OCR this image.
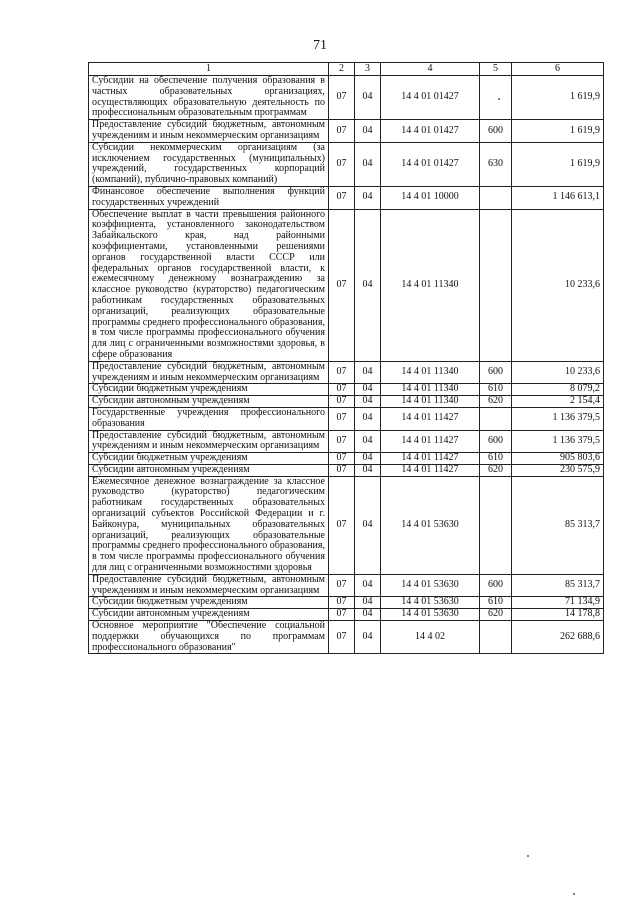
71
1	2	3	4	5	6
Субсидии на обеспечение получения образования в частных образовательных организациях, осуществляющих образовательную деятельность по профессиональным образовательным программам	07	04	14 4 01 01427		1 619,9
Предоставление субсидий бюджетным, автономным учреждениям и иным некоммерческим организациям	07	04	14 4 01 01427	600	1 619,9
Субсидии некоммерческим организациям (за исключением государственных (муниципальных) учреждений, государственных корпораций (компаний), публично-правовых компаний)	07	04	14 4 01 01427	630	1 619,9
Финансовое обеспечение выполнения функций государственных учреждений	07	04	14 4 01 10000		1 146 613,1
Обеспечение выплат в части превышения районного коэффициента, установленного законодательством Забайкальского края, над районными коэффициентами, установленными решениями органов государственной власти СССР или федеральных органов государственной власти, к ежемесячному денежному вознаграждению за классное руководство (кураторство) педагогическим работникам государственных образовательных организаций, реализующих образовательные программы среднего профессионального образования, в том числе программы профессионального обучения для лиц с ограниченными возможностями здоровья, в сфере образования	07	04	14 4 01 11340		10 233,6
Предоставление субсидий бюджетным, автономным учреждениям и иным некоммерческим организациям	07	04	14 4 01 11340	600	10 233,6
Субсидии бюджетным учреждениям	07	04	14 4 01 11340	610	8 079,2
Субсидии автономным учреждениям	07	04	14 4 01 11340	620	2 154,4
Государственные учреждения профессионального образования	07	04	14 4 01 11427		1 136 379,5
Предоставление субсидий бюджетным, автономным учреждениям и иным некоммерческим организациям	07	04	14 4 01 11427	600	1 136 379,5
Субсидии бюджетным учреждениям	07	04	14 4 01 11427	610	905 803,6
Субсидии автономным учреждениям	07	04	14 4 01 11427	620	230 575,9
Ежемесячное денежное вознаграждение за классное руководство (кураторство) педагогическим работникам государственных образовательных организаций субъектов Российской Федерации и г. Байконура, муниципальных образовательных организаций, реализующих образовательные программы среднего профессионального образования, в том числе программы профессионального обучения для лиц с ограниченными возможностями здоровья	07	04	14 4 01 53630		85 313,7
Предоставление субсидий бюджетным, автономным учреждениям и иным некоммерческим организациям	07	04	14 4 01 53630	600	85 313,7
Субсидии бюджетным учреждениям	07	04	14 4 01 53630	610	71 134,9
Субсидии автономным учреждениям	07	04	14 4 01 53630	620	14 178,8
Основное мероприятие "Обеспечение социальной поддержки обучающихся по программам профессионального образования"	07	04	14 4 02		262 688,6
